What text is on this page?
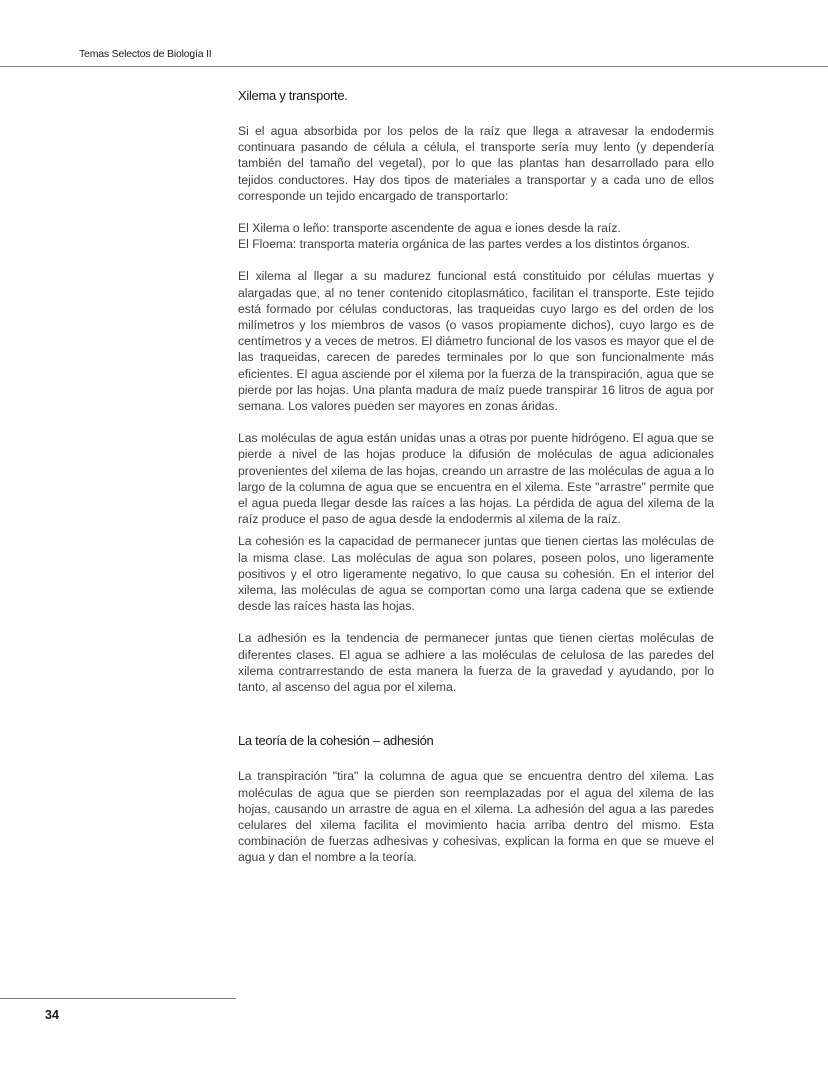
Temas Selectos de Biología II
Xilema y transporte.

Si el agua absorbida por los pelos de la raíz que llega a atravesar la endodermis continuara pasando de célula a célula, el transporte sería muy lento (y dependería también del tamaño del vegetal), por lo que las plantas han desarrollado para ello tejidos conductores. Hay dos tipos de materiales a transportar y a cada uno de ellos corresponde un tejido encargado de transportarlo:

El Xilema o leño: transporte ascendente de agua e iones desde la raíz.
El Floema: transporta materia orgánica de las partes verdes a los distintos órganos.

El xilema al llegar a su madurez funcional está constituido por células muertas y alargadas que, al no tener contenido citoplasmático, facilitan el transporte. Este tejido está formado por células conductoras, las traqueidas cuyo largo es del orden de los milímetros y los miembros de vasos (o vasos propiamente dichos), cuyo largo es de centímetros y a veces de metros. El diámetro funcional de los vasos es mayor que el de las traqueidas, carecen de paredes terminales por lo que son funcionalmente más eficientes. El agua asciende por el xilema por la fuerza de la transpiración, agua que se pierde por las hojas. Una planta madura de maíz puede transpirar 16 litros de agua por semana. Los valores pueden ser mayores en zonas áridas.

Las moléculas de agua están unidas unas a otras por puente hidrógeno. El agua que se pierde a nivel de las hojas produce la difusión de moléculas de agua adicionales provenientes del xilema de las hojas, creando un arrastre de las moléculas de agua a lo largo de la columna de agua que se encuentra en el xilema. Este "arrastre" permite que el agua pueda llegar desde las raíces a las hojas. La pérdida de agua del xilema de la raíz produce el paso de agua desde la endodermis al xilema de la raíz.

La cohesión es la capacidad de permanecer juntas que tienen ciertas las moléculas de la misma clase. Las moléculas de agua son polares, poseen polos, uno ligeramente positivos y el otro ligeramente negativo, lo que causa su cohesión. En el interior del xilema, las moléculas de agua se comportan como una larga cadena que se extiende desde las raíces hasta las hojas.

La adhesión es la tendencia de permanecer juntas que tienen ciertas moléculas de diferentes clases. El agua se adhiere a las moléculas de celulosa de las paredes del xilema contrarrestando de esta manera la fuerza de la gravedad y ayudando, por lo tanto, al ascenso del agua por el xilema.

La teoría de la cohesión – adhesión

La transpiración "tira" la columna de agua que se encuentra dentro del xilema. Las moléculas de agua que se pierden son reemplazadas por el agua del xilema de las hojas, causando un arrastre de agua en el xilema. La adhesión del agua a las paredes celulares del xilema facilita el movimiento hacia arriba dentro del mismo. Esta combinación de fuerzas adhesivas y cohesivas, explican la forma en que se mueve el agua y dan el nombre a la teoría.

34
